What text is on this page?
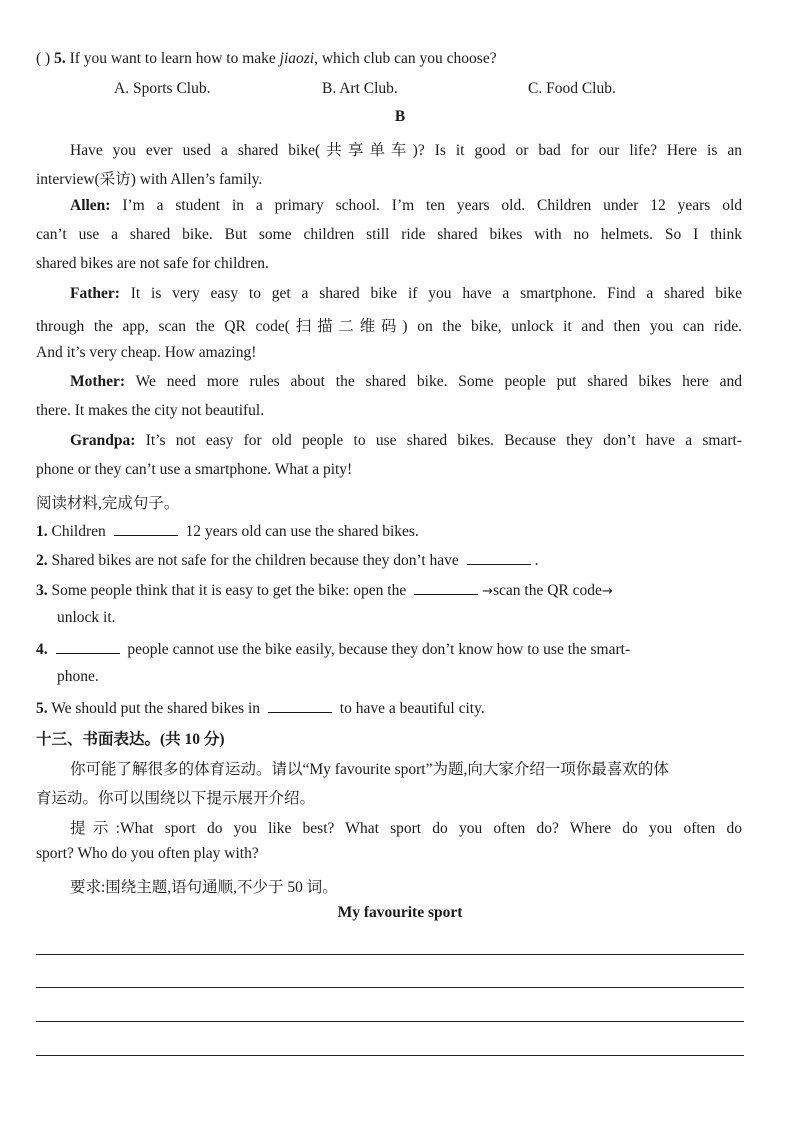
( ) 5. If you want to learn how to make jiaozi, which club can you choose?
A. Sports Club.	B. Art Club.	C. Food Club.
B
Have you ever used a shared bike(共享单车)? Is it good or bad for our life? Here is an
interview(采访) with Allen’s family.
Allen: I’m a student in a primary school. I’m ten years old. Children under 12 years old
can’t use a shared bike. But some children still ride shared bikes with no helmets. So I think
shared bikes are not safe for children.
Father: It is very easy to get a shared bike if you have a smartphone. Find a shared bike
through the app, scan the QR code(扫描二维码) on the bike, unlock it and then you can ride.
And it’s very cheap. How amazing!
Mother: We need more rules about the shared bike. Some people put shared bikes here and
there. It makes the city not beautiful.
Grandpa: It’s not easy for old people to use shared bikes. Because they don’t have a smart-
phone or they can’t use a smartphone. What a pity!
阅读材料,完成句子。
1. Children	12 years old can use the shared bikes.
2. Shared bikes are not safe for the children because they don’t have	.
3. Some people think that it is easy to get the bike: open the	→scan the QR code→
unlock it.
4.	people cannot use the bike easily, because they don’t know how to use the smart-
phone.
5. We should put the shared bikes in	to have a beautiful city.
十三、书面表达。(共 10 分)
你可能了解很多的体育运动。请以“My favourite sport”为题,向大家介绍一项你最喜欢的体
育运动。你可以围绕以下提示展开介绍。
提示:What sport do you like best? What sport do you often do? Where do you often do
sport? Who do you often play with?
要求:围绕主题,语句通顺,不少于 50 词。
My favourite sport
